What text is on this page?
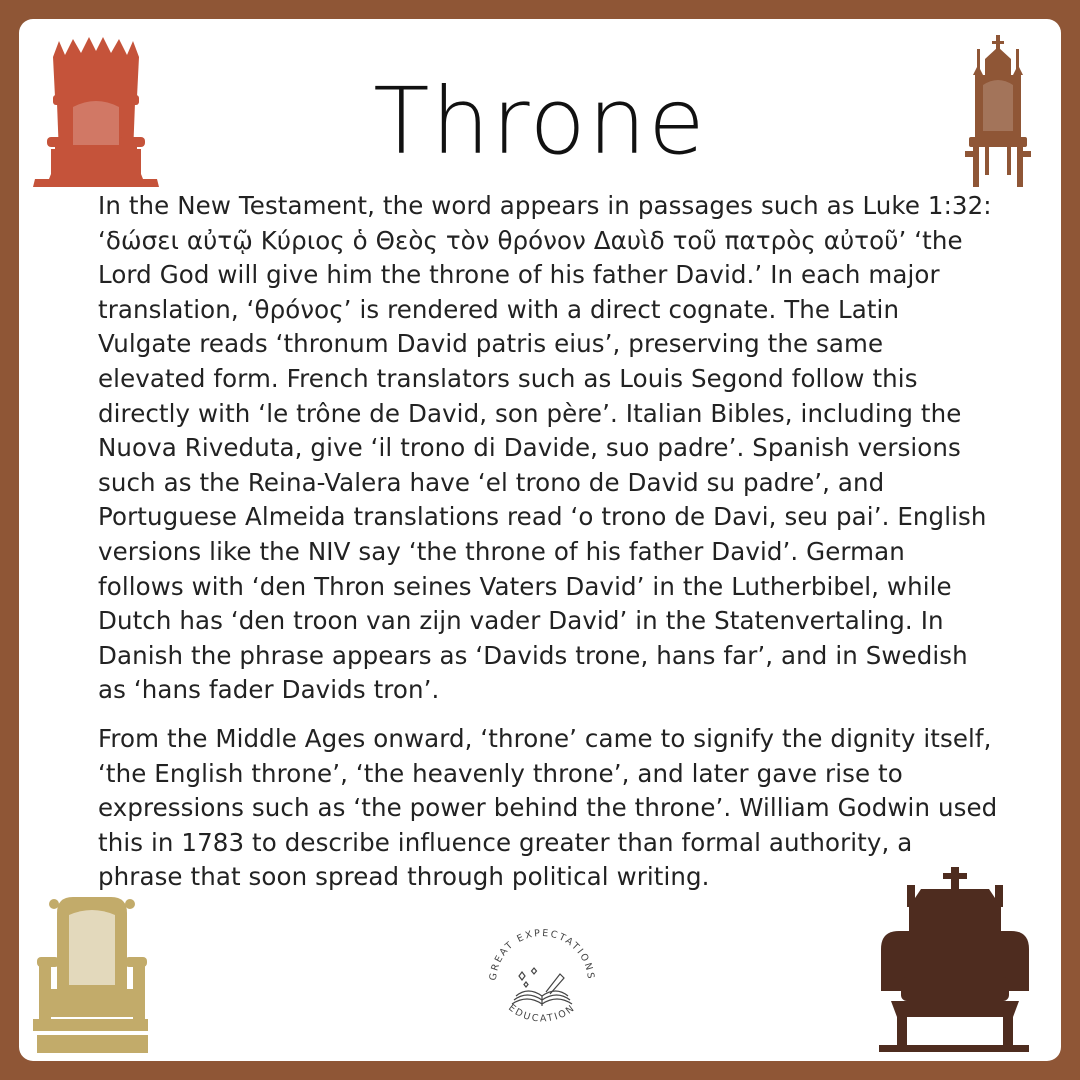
Throne

In the New Testament, the word appears in passages such as Luke 1:32: ‘δώσει αὐτῷ Κύριος ὁ Θεὸς τὸν θρόνον Δαυὶδ τοῦ πατρὸς αὐτοῦ’ ‘the Lord God will give him the throne of his father David.’ In each major translation, ‘θρόνος’ is rendered with a direct cognate. The Latin Vulgate reads ‘thronum David patris eius’, preserving the same elevated form. French translators such as Louis Segond follow this directly with ‘le trône de David, son père’. Italian Bibles, including the Nuova Riveduta, give ‘il trono di Davide, suo padre’. Spanish versions such as the Reina-Valera have ‘el trono de David su padre’, and Portuguese Almeida translations read ‘o trono de Davi, seu pai’. English versions like the NIV say ‘the throne of his father David’. German follows with ‘den Thron seines Vaters David’ in the Lutherbibel, while Dutch has ‘den troon van zijn vader David’ in the Statenvertaling. In Danish the phrase appears as ‘Davids trone, hans far’, and in Swedish as ‘hans fader Davids tron’.

From the Middle Ages onward, ‘throne’ came to signify the dignity itself, ‘the English throne’, ‘the heavenly throne’, and later gave rise to expressions such as ‘the power behind the throne’. William Godwin used this in 1783 to describe influence greater than formal authority, a phrase that soon spread through political writing.

GREAT EXPECTATIONS
EDUCATION
